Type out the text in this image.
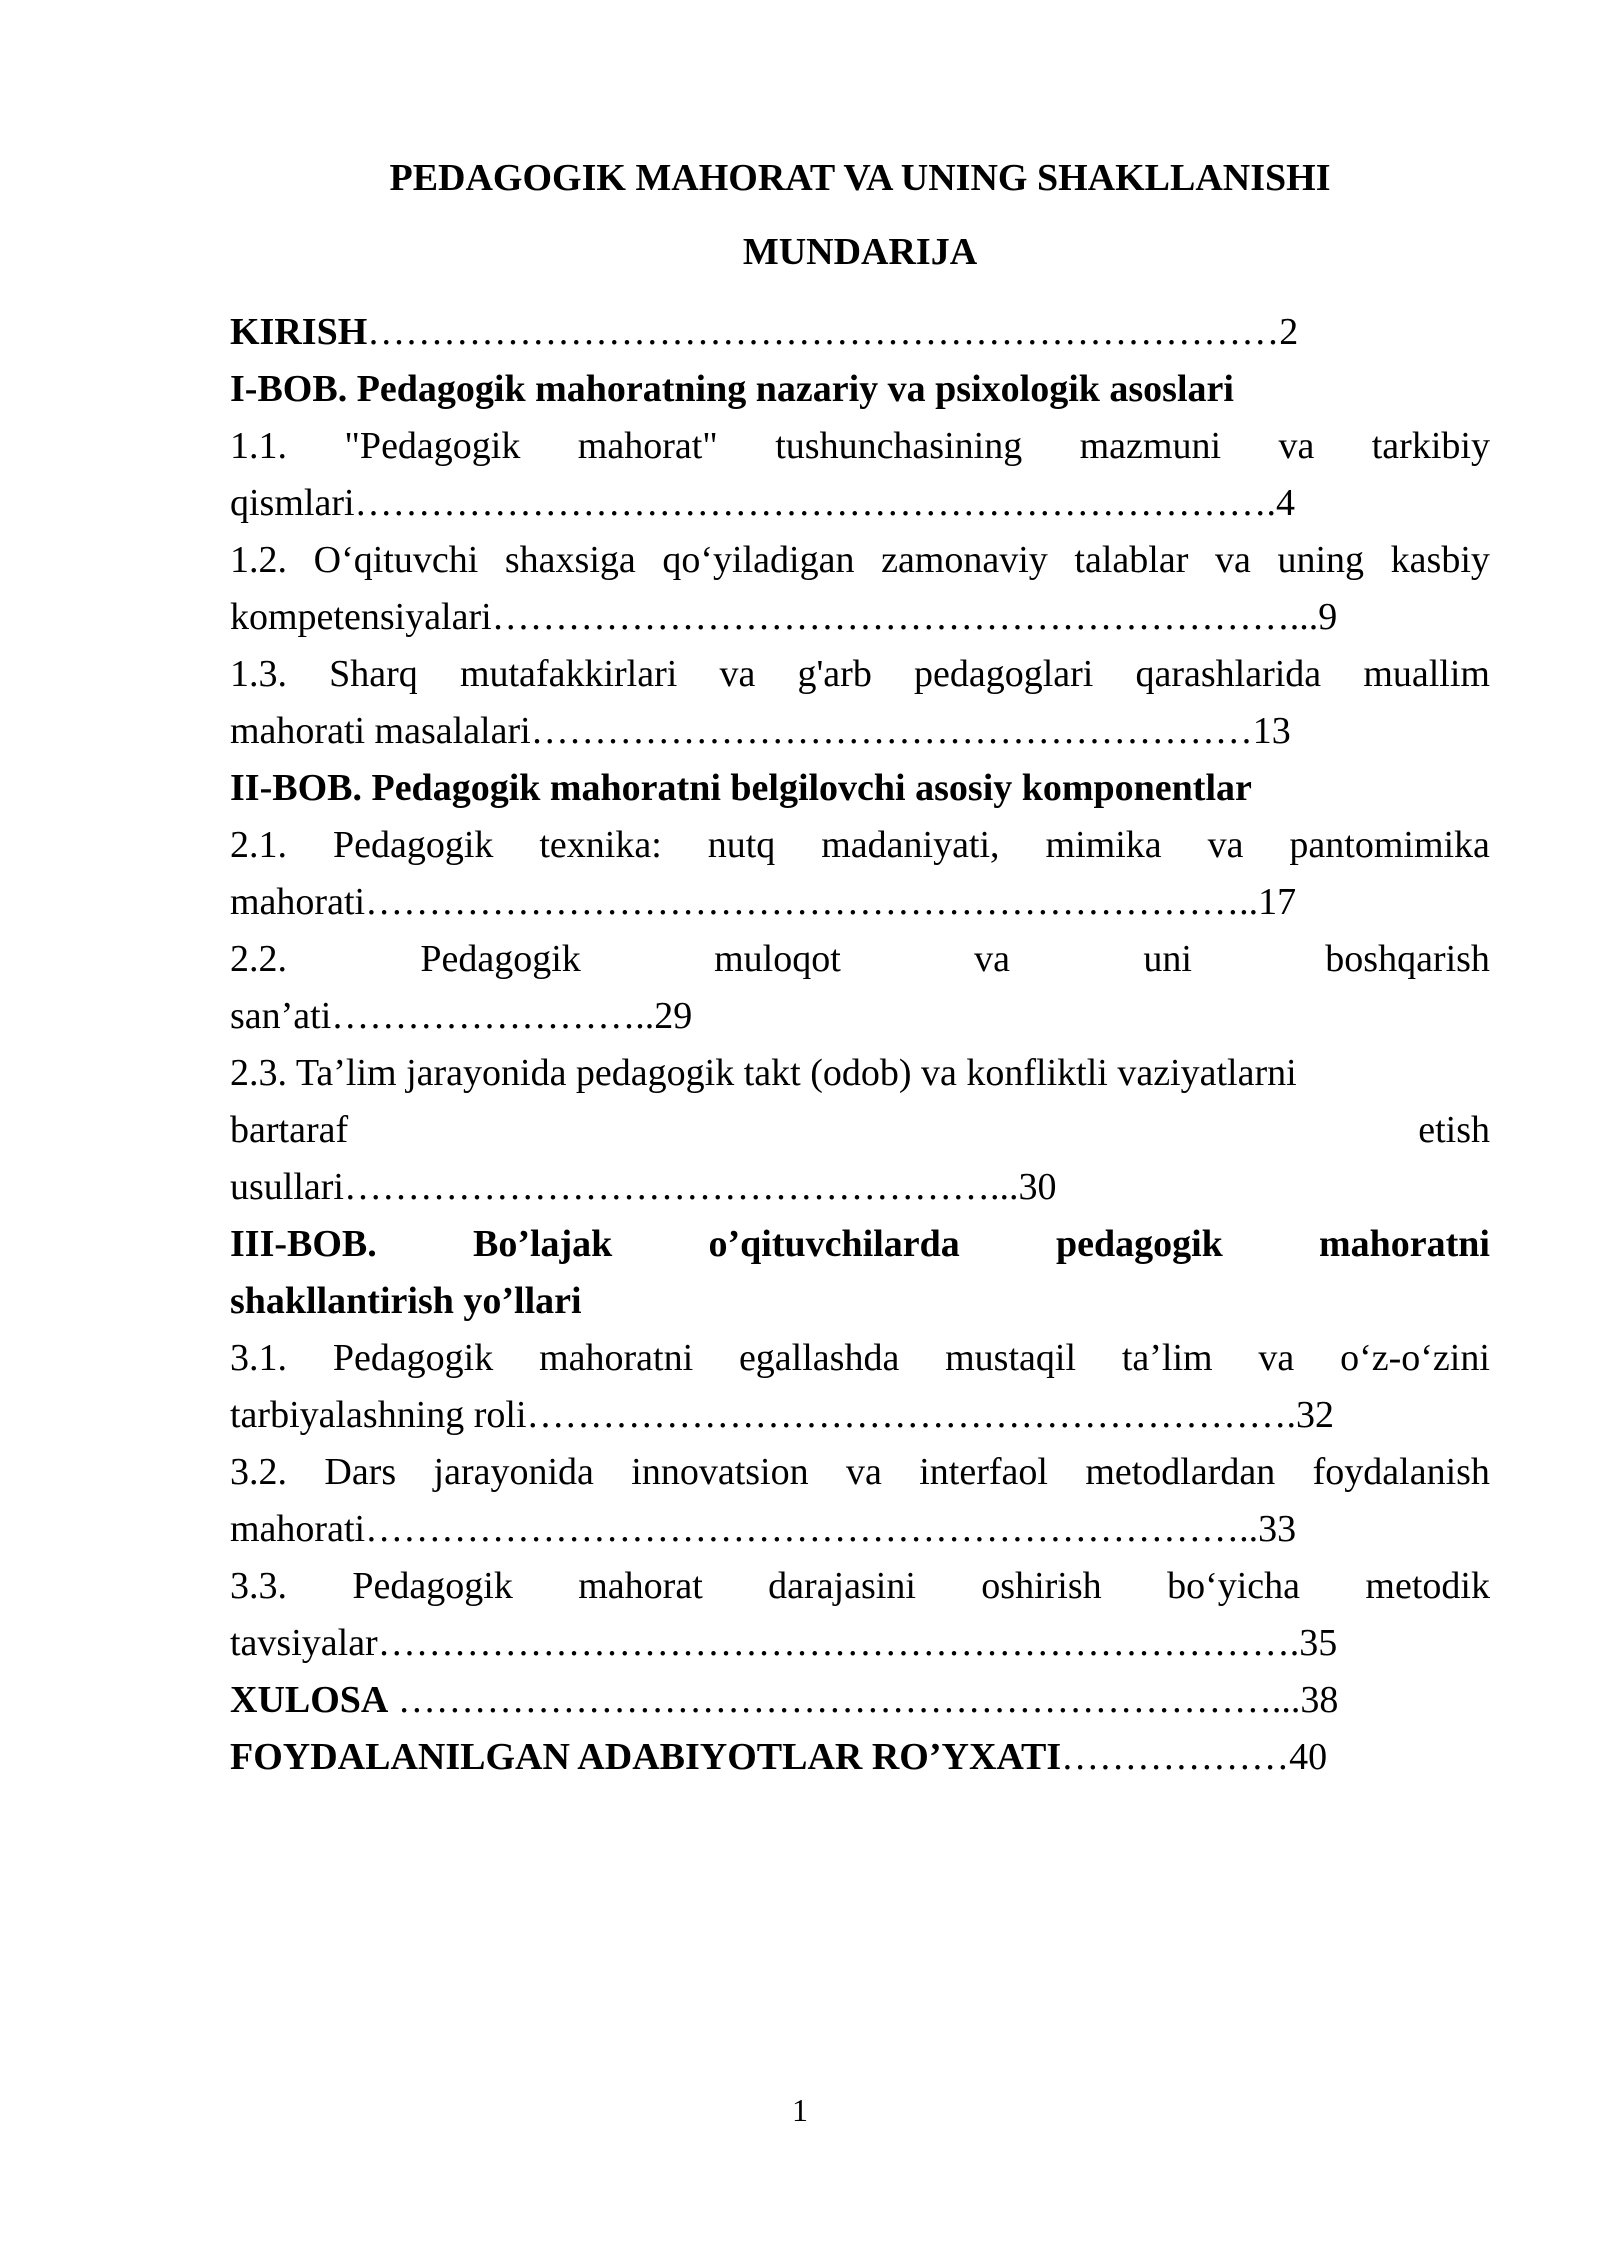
PEDAGOGIK MAHORAT VA UNING SHAKLLANISHI
MUNDARIJA
KIRISH………………………………………………………………2
I-BOB. Pedagogik mahoratning nazariy va psixologik asoslari
1.1. "Pedagogik mahorat" tushunchasining mazmuni va tarkibiy
qismlari……………………………………………………………….4
1.2. O‘qituvchi shaxsiga qo‘yiladigan zamonaviy talablar va uning kasbiy
kompetensiyalari………………………………………………………...9
1.3. Sharq mutafakkirlari va g'arb pedagoglari qarashlarida muallim
mahorati masalalari…………………………………………………13
II-BOB. Pedagogik mahoratni belgilovchi asosiy komponentlar
2.1. Pedagogik texnika: nutq madaniyati, mimika va pantomimika
mahorati……………………………………………………………..17
2.2.	Pedagogik	muloqot	va	uni	boshqarish
san’ati……………………..29
2.3. Ta’lim jarayonida pedagogik takt (odob) va konfliktli vaziyatlarni
bartaraf	etish
usullari……………………………………………...30
III-BOB.	Bo’lajak	o’qituvchilarda	pedagogik	mahoratni
shakllantirish yo’llari
3.1. Pedagogik mahoratni egallashda mustaqil ta’lim va o‘z-o‘zini
tarbiyalashning roli…………………………………………………….32
3.2. Dars jarayonida innovatsion va interfaol metodlardan foydalanish
mahorati……………………………………………………………..33
3.3. Pedagogik mahorat darajasini oshirish bo‘yicha metodik
tavsiyalar……………………………………………………………….35
XULOSA ……………………………………………………………...38
FOYDALANILGAN ADABIYOTLAR RO’YXATI………………40
1
